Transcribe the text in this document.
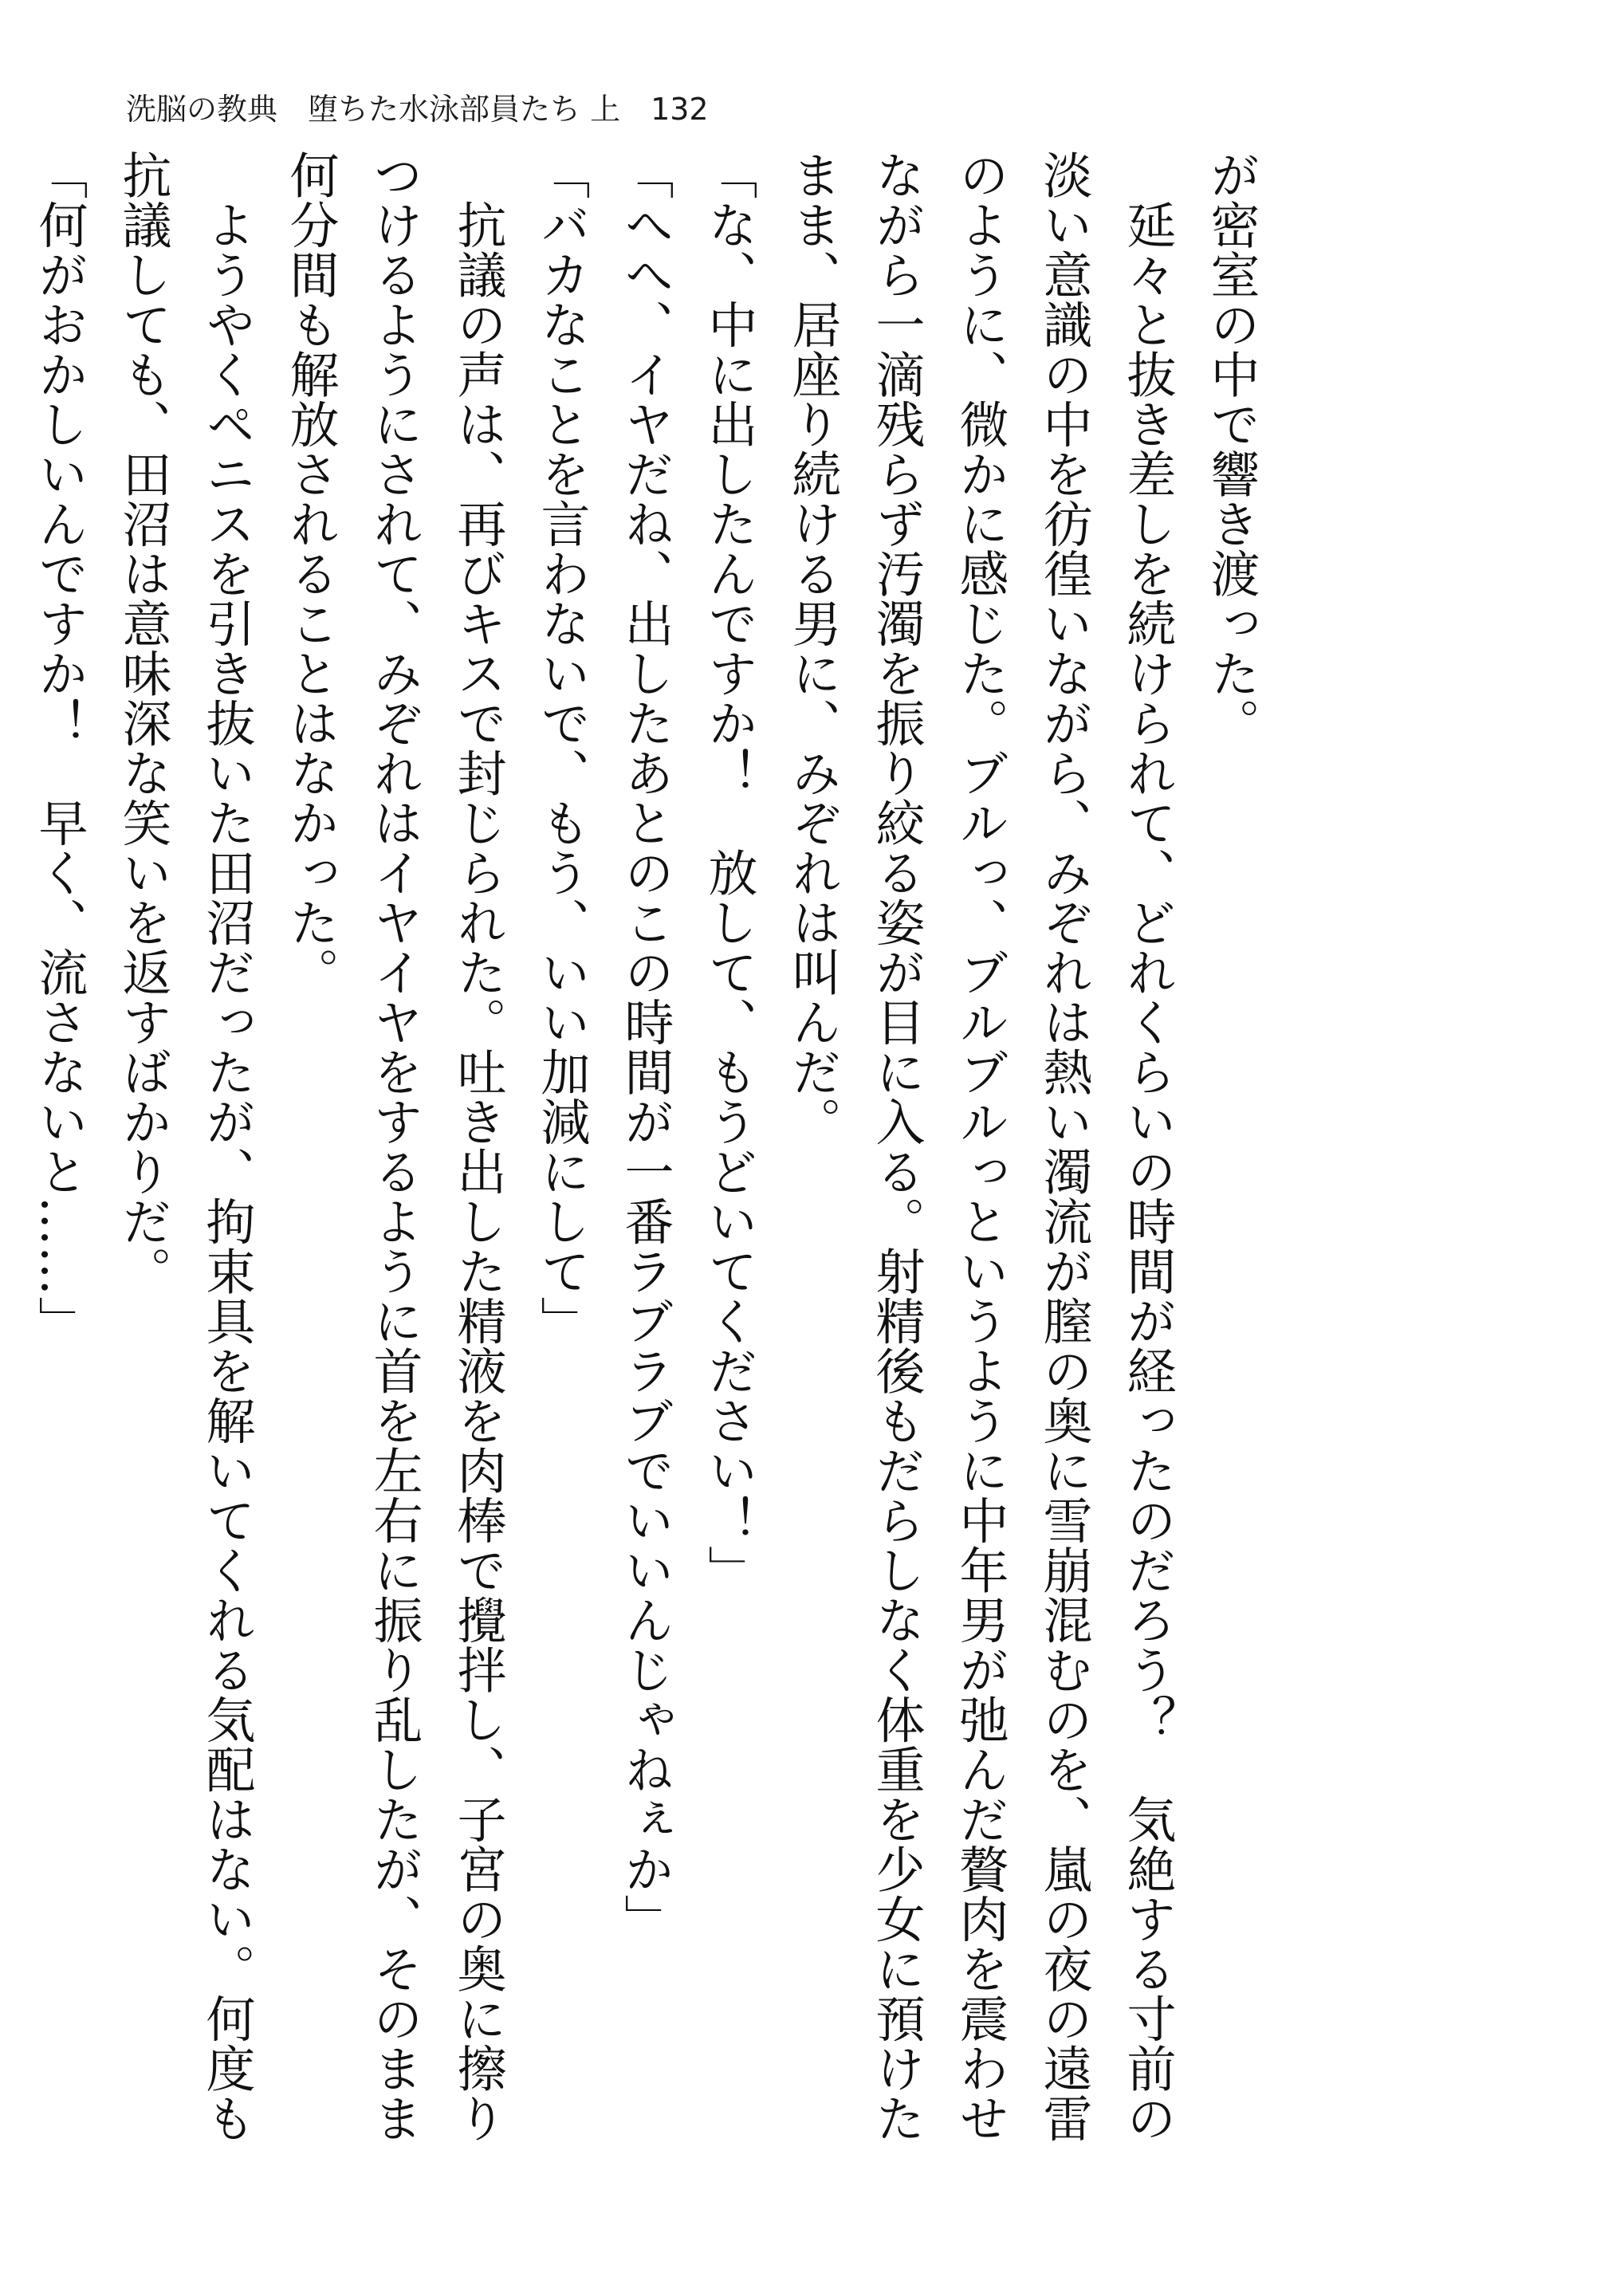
洗脳の教典　堕ちた水泳部員たち 上　132
が密室の中で響き渡った。
　延々と抜き差しを続けられて、どれくらいの時間が経ったのだろう？　気絶する寸前の
淡い意識の中を彷徨いながら、みぞれは熱い濁流が膣の奥に雪崩混むのを、嵐の夜の遠雷
のように、微かに感じた。ブルっ、ブルブルっというように中年男が弛んだ贅肉を震わせ
ながら一滴残らず汚濁を振り絞る姿が目に入る。射精後もだらしなく体重を少女に預けた
まま、居座り続ける男に、みぞれは叫んだ。
「な、中に出したんですか！　放して、もうどいてください！」
「へへ、イヤだね、出したあとのこの時間が一番ラブラブでいいんじゃねぇか」
「バカなことを言わないで、もう、いい加減にして」
　抗議の声は、再びキスで封じられた。吐き出した精液を肉棒で攪拌し、子宮の奥に擦り
つけるようにされて、みぞれはイヤイヤをするように首を左右に振り乱したが、そのまま
何分間も解放されることはなかった。
　ようやくペニスを引き抜いた田沼だったが、拘束具を解いてくれる気配はない。何度も
抗議しても、田沼は意味深な笑いを返すばかりだ。
「何がおかしいんですか！　早く、流さないと……」
